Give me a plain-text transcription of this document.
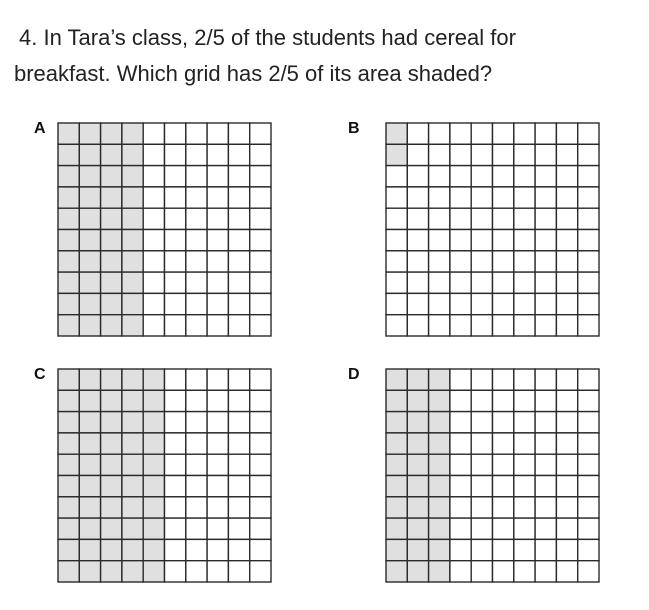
4. In Tara’s class, 2/5 of the students had cereal for
breakfast. Which grid has 2/5 of its area shaded?

A	B
C	D
